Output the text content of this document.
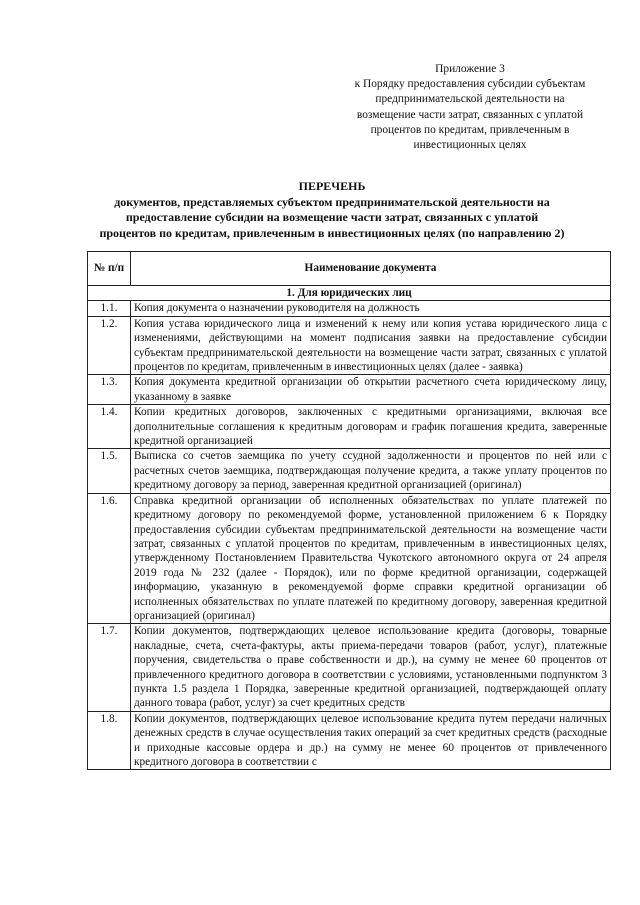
Приложение 3
к Порядку предоставления субсидии субъектам
предпринимательской деятельности на
возмещение части затрат, связанных с уплатой
процентов по кредитам, привлеченным в
инвестиционных целях
ПЕРЕЧЕНЬ
документов, представляемых субъектом предпринимательской деятельности на
предоставление субсидии на возмещение части затрат, связанных с уплатой
процентов по кредитам, привлеченным в инвестиционных целях (по направлению 2)
№ п/п	Наименование документа
1. Для юридических лиц	
1.1.	Копия документа о назначении руководителя на должность
1.2.	Копия устава юридического лица и изменений к нему или копия устава юридического лица с изменениями, действующими на момент подписания заявки на предоставление субсидии субъектам предпринимательской деятельности на возмещение части затрат, связанных с уплатой процентов по кредитам, привлеченным в инвестиционных целях (далее - заявка)
1.3.	Копия документа кредитной организации об открытии расчетного счета юридическому лицу, указанному в заявке
1.4.	Копии кредитных договоров, заключенных с кредитными организациями, включая все дополнительные соглашения к кредитным договорам и график погашения кредита, заверенные кредитной организацией
1.5.	Выписка со счетов заемщика по учету ссудной задолженности и процентов по ней или с расчетных счетов заемщика, подтверждающая получение кредита, а также уплату процентов по кредитному договору за период, заверенная кредитной организацией (оригинал)
1.6.	Справка кредитной организации об исполненных обязательствах по уплате платежей по кредитному договору по рекомендуемой форме, установленной приложением 6 к Порядку предоставления субсидии субъектам предпринимательской деятельности на возмещение части затрат, связанных с уплатой процентов по кредитам, привлеченным в инвестиционных целях, утвержденному Постановлением Правительства Чукотского автономного округа от 24 апреля 2019 года № 232 (далее - Порядок), или по форме кредитной организации, содержащей информацию, указанную в рекомендуемой форме справки кредитной организации об исполненных обязательствах по уплате платежей по кредитному договору, заверенная кредитной организацией (оригинал)
1.7.	Копии документов, подтверждающих целевое использование кредита (договоры, товарные накладные, счета, счета-фактуры, акты приема-передачи товаров (работ, услуг), платежные поручения, свидетельства о праве собственности и др.), на сумму не менее 60 процентов от привлеченного кредитного договора в соответствии с условиями, установленными подпунктом 3 пункта 1.5 раздела 1 Порядка, заверенные кредитной организацией, подтверждающей оплату данного товара (работ, услуг) за счет кредитных средств
1.8.	Копии документов, подтверждающих целевое использование кредита путем передачи наличных денежных средств в случае осуществления таких операций за счет кредитных средств (расходные и приходные кассовые ордера и др.) на сумму не менее 60 процентов от привлеченного кредитного договора в соответствии с
